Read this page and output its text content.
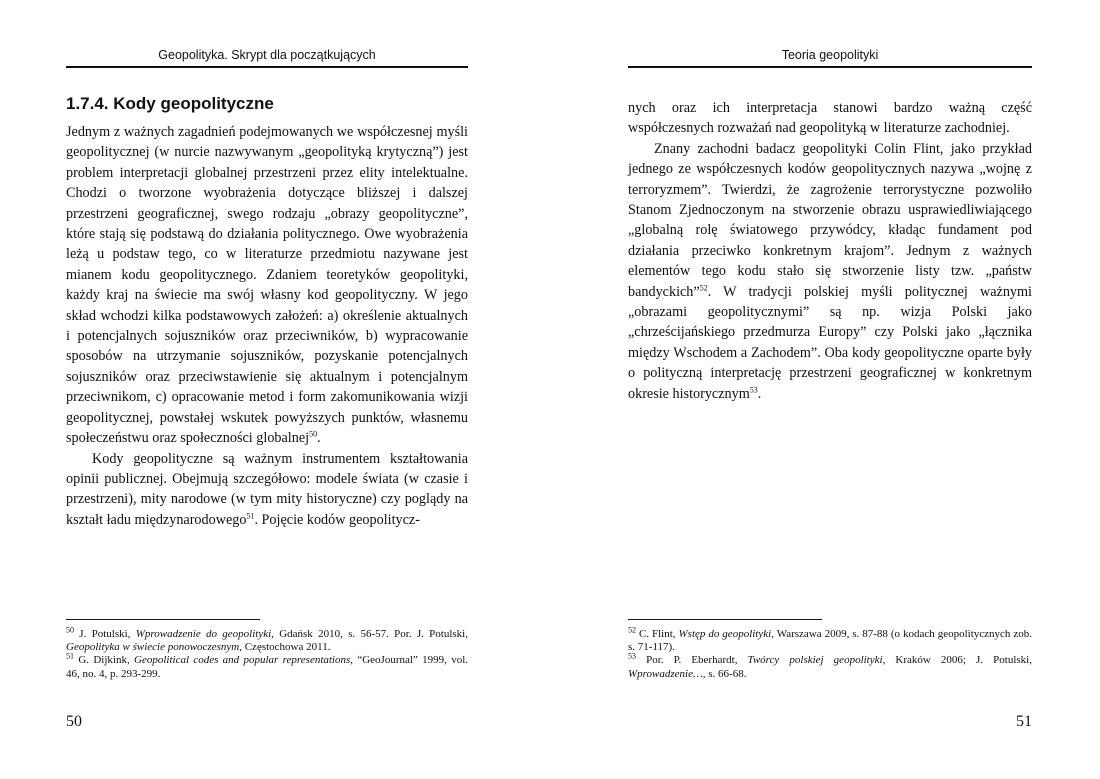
Geopolityka. Skrypt dla początkujących
1.7.4. Kody geopolityczne

Jednym z ważnych zagadnień podejmowanych we współczesnej myśli geopolitycznej (w nurcie nazwywanym „geopolityką krytyczną”) jest problem interpretacji globalnej przestrzeni przez elity intelektualne. Chodzi o tworzone wyobrażenia dotyczące bliższej i dalszej przestrzeni geograficznej, swego rodzaju „obrazy geopolityczne”, które stają się podstawą do działania politycznego. Owe wyobrażenia leżą u podstaw tego, co w literaturze przedmiotu nazywane jest mianem kodu geopolitycznego. Zdaniem teoretyków geopolityki, każdy kraj na świecie ma swój własny kod geopolityczny. W jego skład wchodzi kilka podstawowych założeń: a) określenie aktualnych i potencjalnych sojuszników oraz przeciwników, b) wypracowanie sposobów na utrzymanie sojuszników, pozyskanie potencjalnych sojuszników oraz przeciwstawienie się aktualnym i potencjalnym przeciwnikom, c) opracowanie metod i form zakomunikowania wizji geopolitycznej, powstałej wskutek powyższych punktów, własnemu społeczeństwu oraz społeczności globalnej$^{50}$.

Kody geopolityczne są ważnym instrumentem kształtowania opinii publicznej. Obejmują szczegółowo: modele świata (w czasie i przestrzeni), mity narodowe (w tym mity historyczne) czy poglądy na kształt ładu międzynarodowego$^{51}$. Pojęcie kodów geopolitycz-

$^{50}$ J. Potulski, Wprowadzenie do geopolityki, Gdańsk 2010, s. 56-57. Por. J. Potulski, Geopolityka w świecie ponowoczesnym, Częstochowa 2011.

$^{51}$ G. Dijkink, Geopolitical codes and popular representations, “GeoJournal” 1999, vol. 46, no. 4, p. 293-299.

50
Teoria geopolityki

nych oraz ich interpretacja stanowi bardzo ważną część współczesnych rozważań nad geopolityką w literaturze zachodniej.

Znany zachodni badacz geopolityki Colin Flint, jako przykład jednego ze współczesnych kodów geopolitycznych nazywa „wojnę z terroryzmem”. Twierdzi, że zagrożenie terrorystyczne pozwoliło Stanom Zjednoczonym na stworzenie obrazu usprawiedliwiającego „globalną rolę światowego przywódcy, kładąc fundament pod działania przeciwko konkretnym krajom”. Jednym z ważnych elementów tego kodu stało się stworzenie listy tzw. „państw bandyckich”$^{52}$. W tradycji polskiej myśli politycznej ważnymi „obrazami geopolitycznymi” są np. wizja Polski jako „chrześcijańskiego przedmurza Europy” czy Polski jako „łącznika między Wschodem a Zachodem”. Oba kody geopolityczne oparte były o polityczną interpretację przestrzeni geograficznej w konkretnym okresie historycznym$^{53}$.

$^{52}$ C. Flint, Wstęp do geopolityki, Warszawa 2009, s. 87-88 (o kodach geopolitycznych zob. s. 71-117).

$^{53}$ Por. P. Eberhardt, Twórcy polskiej geopolityki, Kraków 2006; J. Potulski, Wprowadzenie…, s. 66-68.

51
